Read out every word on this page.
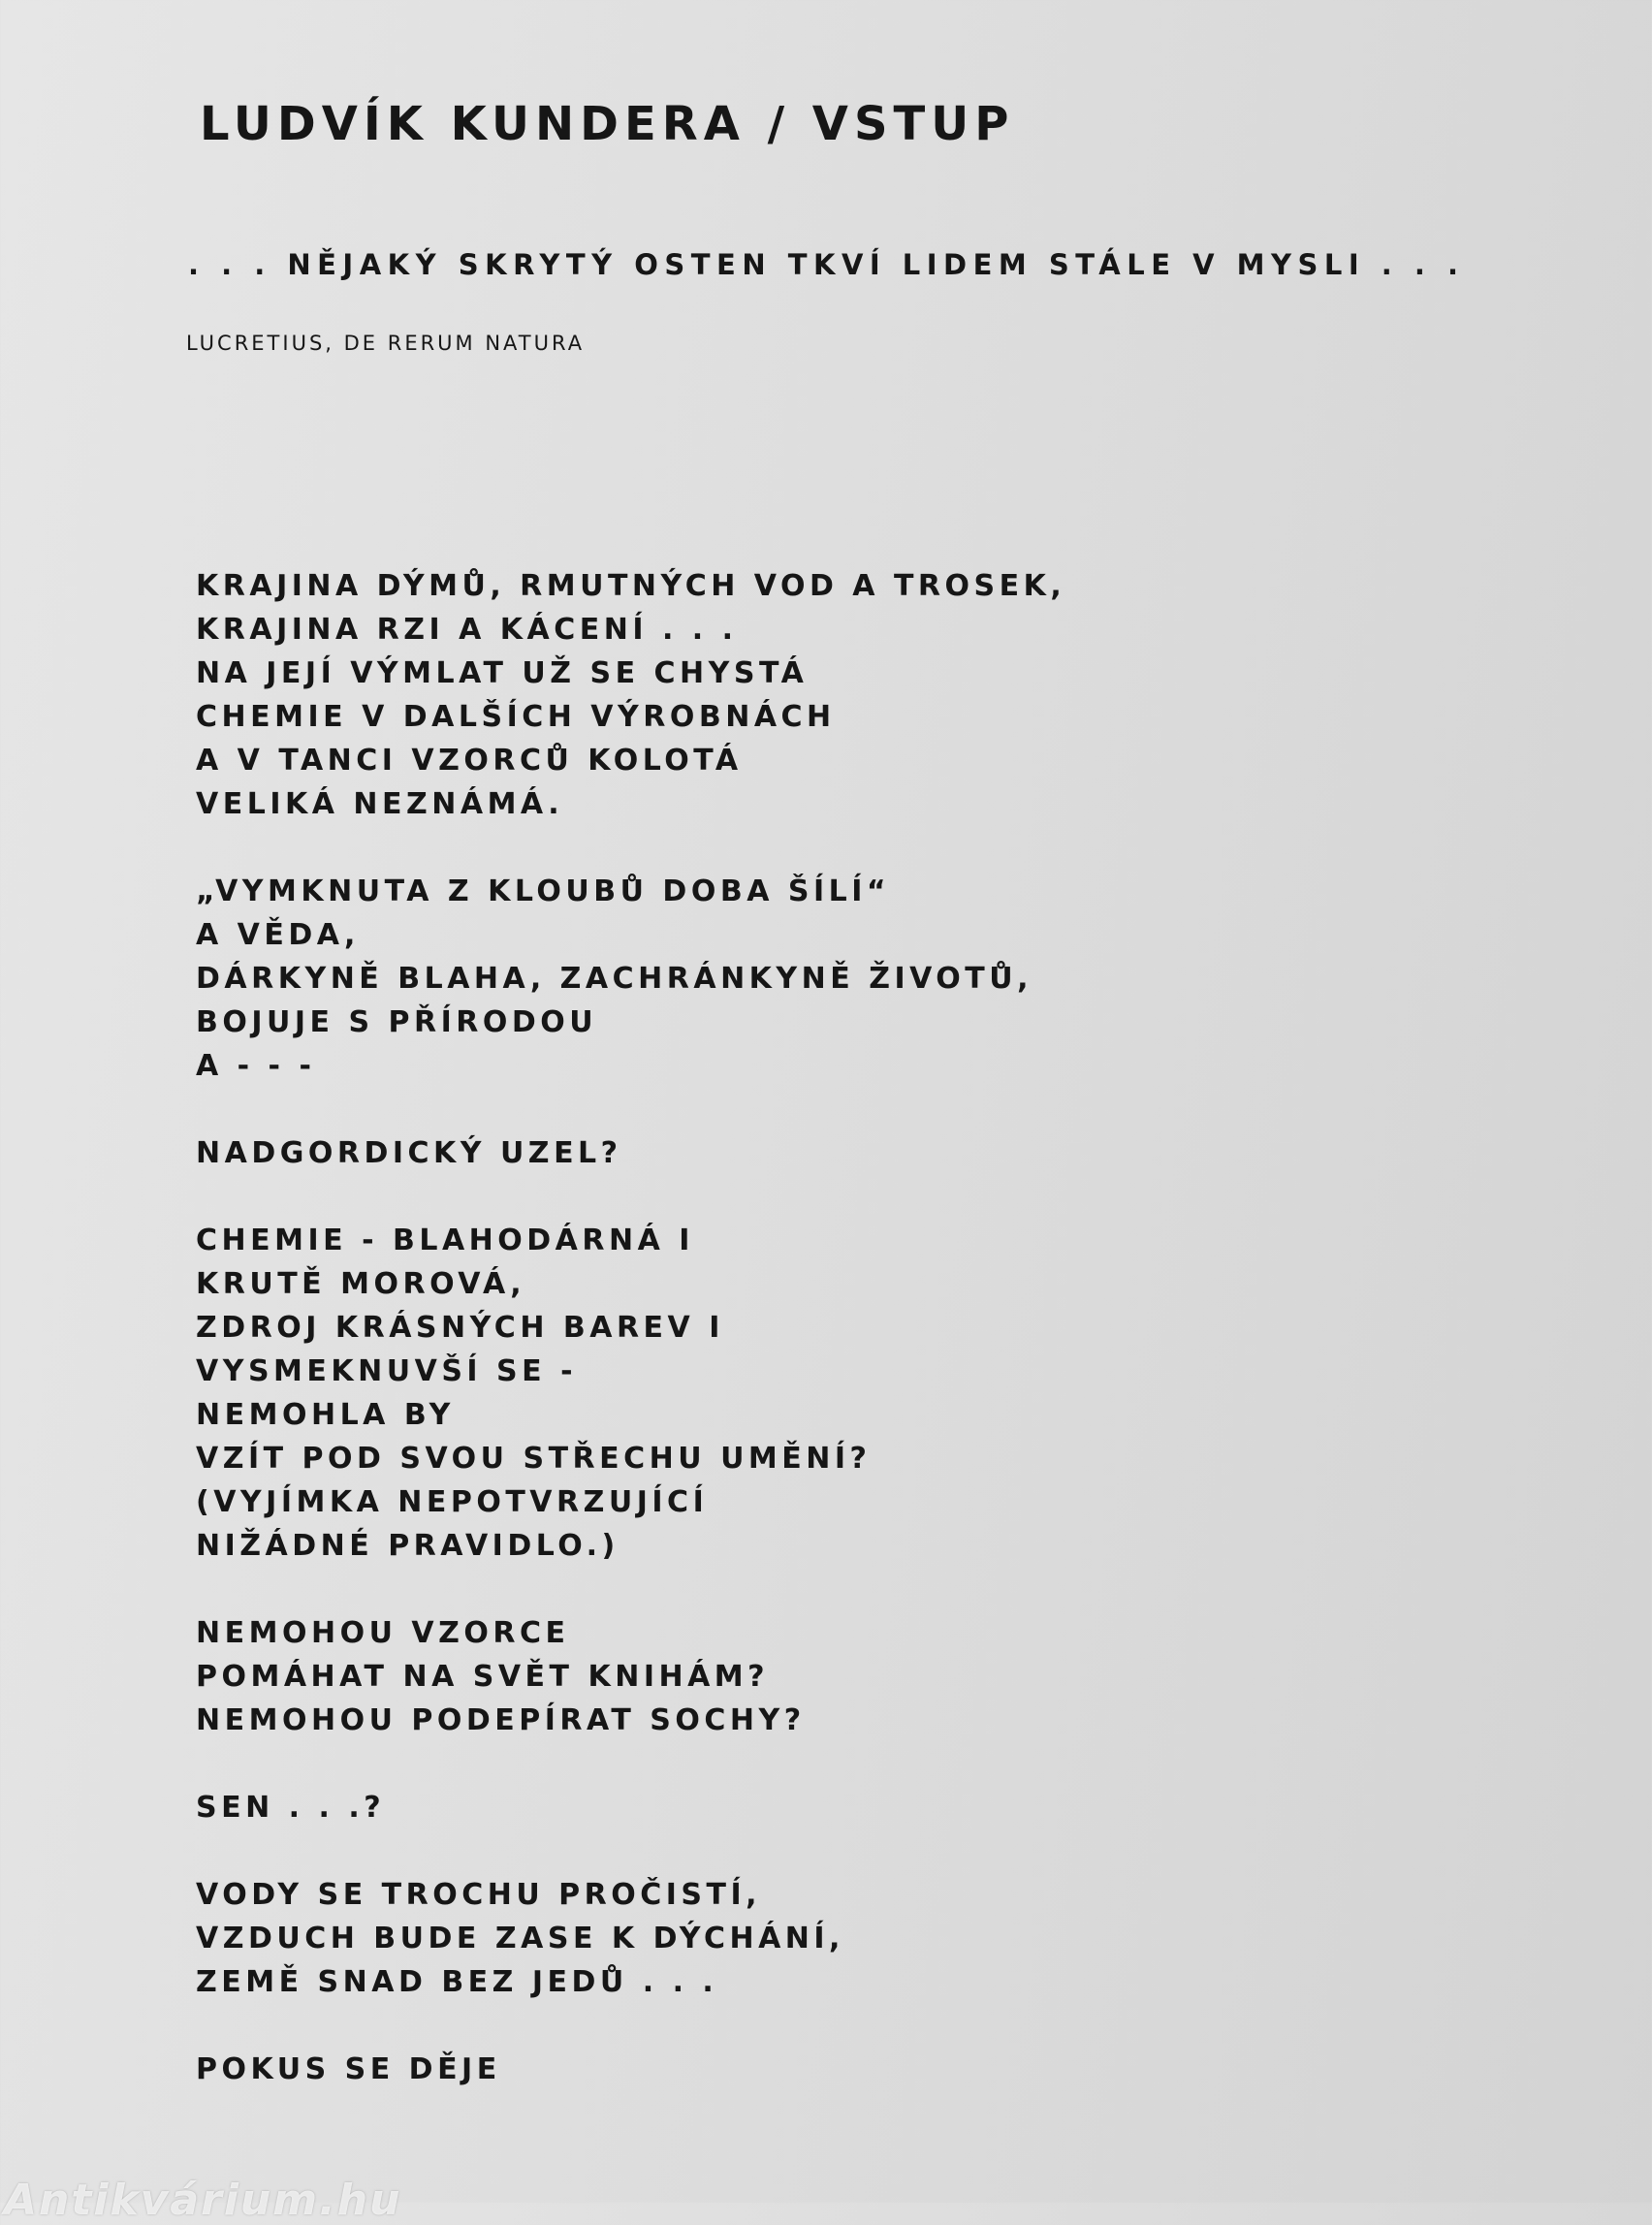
LUDVÍK KUNDERA / VSTUP
. . . NĚJAKÝ SKRYTÝ OSTEN TKVÍ LIDEM STÁLE V MYSLI . . .
LUCRETIUS, DE RERUM NATURA
KRAJINA DÝMŮ, RMUTNÝCH VOD A TROSEK,
KRAJINA RZI A KÁCENÍ . . .
NA JEJÍ VÝMLAT UŽ SE CHYSTÁ
CHEMIE V DALŠÍCH VÝROBNÁCH
A V TANCI VZORCŮ KOLOTÁ
VELIKÁ NEZNÁMÁ.
„VYMKNUTA Z KLOUBŮ DOBA ŠÍLÍ“
A VĚDA,
DÁRKYNĚ BLAHA, ZACHRÁNKYNĚ ŽIVOTŮ,
BOJUJE S PŘÍRODOU
A - - -
NADGORDICKÝ UZEL?
CHEMIE - BLAHODÁRNÁ I
KRUTĚ MOROVÁ,
ZDROJ KRÁSNÝCH BAREV I
VYSMEKNUVŠÍ SE -
NEMOHLA BY
VZÍT POD SVOU STŘECHU UMĚNÍ?
(VYJÍMKA NEPOTVRZUJÍCÍ
NIŽÁDNÉ PRAVIDLO.)
NEMOHOU VZORCE
POMÁHAT NA SVĚT KNIHÁM?
NEMOHOU PODEPÍRAT SOCHY?
SEN . . .?
VODY SE TROCHU PROČISTÍ,
VZDUCH BUDE ZASE K DÝCHÁNÍ,
ZEMĚ SNAD BEZ JEDŮ . . .
POKUS SE DĚJE
Antikvárium.hu
